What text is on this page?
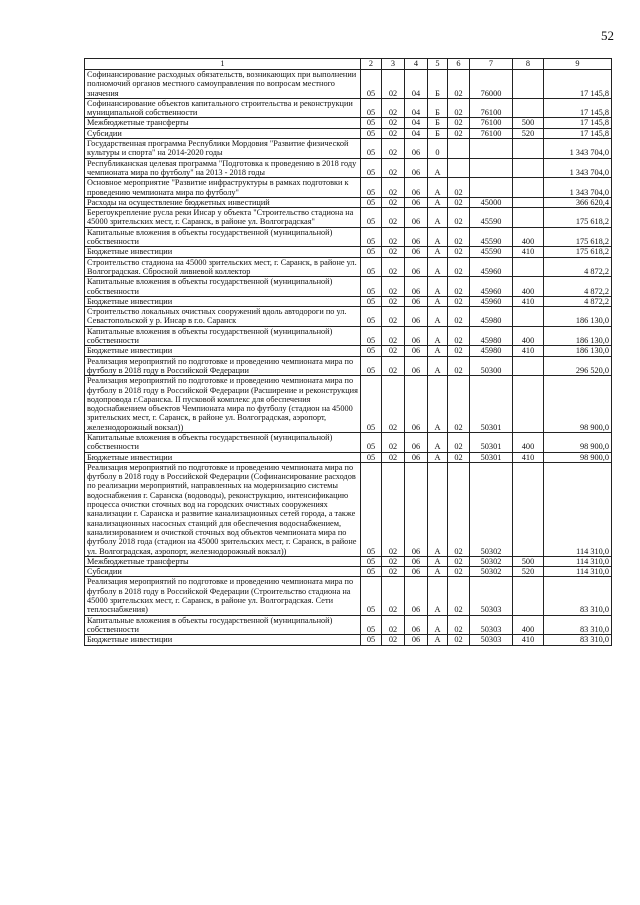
52
1	2	3	4	5	6	7	8	9
Софинансирование расходных обязательств, возникающих при выполнении полномочий органов местного самоуправления по вопросам местного значения	05	02	04	Б	02	76000		17 145,8
Софинансирование объектов капитального строительства и реконструкции муниципальной собственности	05	02	04	Б	02	76100		17 145,8
Межбюджетные трансферты	05	02	04	Б	02	76100	500	17 145,8
Субсидии	05	02	04	Б	02	76100	520	17 145,8
Государственная программа Республики Мордовия "Развитие физической культуры и спорта" на 2014-2020 годы	05	02	06	0				1 343 704,0
Республиканская целевая программа "Подготовка к проведению в 2018 году чемпионата мира по футболу" на 2013 - 2018 годы	05	02	06	А				1 343 704,0
Основное мероприятие "Развитие инфраструктуры в рамках подготовки к проведению чемпионата мира по футболу"	05	02	06	А	02			1 343 704,0
Расходы на осуществление бюджетных инвестиций	05	02	06	А	02	45000		366 620,4
Берегоукрепление русла реки Инсар у объекта "Строительство стадиона на 45000 зрительских мест, г. Саранск, в районе ул. Волгоградская"	05	02	06	А	02	45590		175 618,2
Капитальные вложения в объекты государственной (муниципальной) собственности	05	02	06	А	02	45590	400	175 618,2
Бюджетные инвестиции	05	02	06	А	02	45590	410	175 618,2
Строительство стадиона на 45000 зрительских мест, г. Саранск, в районе ул. Волгоградская. Сбросной ливневой коллектор	05	02	06	А	02	45960		4 872,2
Капитальные вложения в объекты государственной (муниципальной) собственности	05	02	06	А	02	45960	400	4 872,2
Бюджетные инвестиции	05	02	06	А	02	45960	410	4 872,2
Строительство локальных очистных сооружений вдоль автодороги по ул. Севастопольской у р. Инсар в г.о. Саранск	05	02	06	А	02	45980		186 130,0
Капитальные вложения в объекты государственной (муниципальной) собственности	05	02	06	А	02	45980	400	186 130,0
Бюджетные инвестиции	05	02	06	А	02	45980	410	186 130,0
Реализация мероприятий по подготовке и проведению чемпионата мира по футболу в 2018 году в Российской Федерации	05	02	06	А	02	50300		296 520,0
Реализация мероприятий по подготовке и проведению чемпионата мира по футболу в 2018 году в Российской Федерации (Расширение и реконструкция водопровода г.Саранска. II пусковой комплекс для обеспечения водоснабжением объектов Чемпионата мира по футболу (стадион на 45000 зрительских мест, г. Саранск, в районе ул. Волгоградская, аэропорт, железнодорожный вокзал))	05	02	06	А	02	50301		98 900,0
Капитальные вложения в объекты государственной (муниципальной) собственности	05	02	06	А	02	50301	400	98 900,0
Бюджетные инвестиции	05	02	06	А	02	50301	410	98 900,0
Реализация мероприятий по подготовке и проведению чемпионата мира по футболу в 2018 году в Российской Федерации (Софинансирование расходов по реализации мероприятий, направленных на модернизацию системы водоснабжения г. Саранска (водоводы), реконструкцию, интенсификацию процесса очистки сточных вод на городских очистных сооружениях канализации г. Саранска и развитие канализационных сетей города, а также канализационных насосных станций для обеспечения водоснабжением, канализированием и очисткой сточных вод объектов чемпионата мира по футболу 2018 года (стадион на 45000 зрительских мест, г. Саранск, в районе ул. Волгоградская, аэропорт, железнодорожный вокзал))	05	02	06	А	02	50302		114 310,0
Межбюджетные трансферты	05	02	06	А	02	50302	500	114 310,0
Субсидии	05	02	06	А	02	50302	520	114 310,0
Реализация мероприятий по подготовке и проведению чемпионата мира по футболу в 2018 году в Российской Федерации (Строительство стадиона на 45000 зрительских мест, г. Саранск, в районе ул. Волгоградская. Сети теплоснабжения)	05	02	06	А	02	50303		83 310,0
Капитальные вложения в объекты государственной (муниципальной) собственности	05	02	06	А	02	50303	400	83 310,0
Бюджетные инвестиции	05	02	06	А	02	50303	410	83 310,0
